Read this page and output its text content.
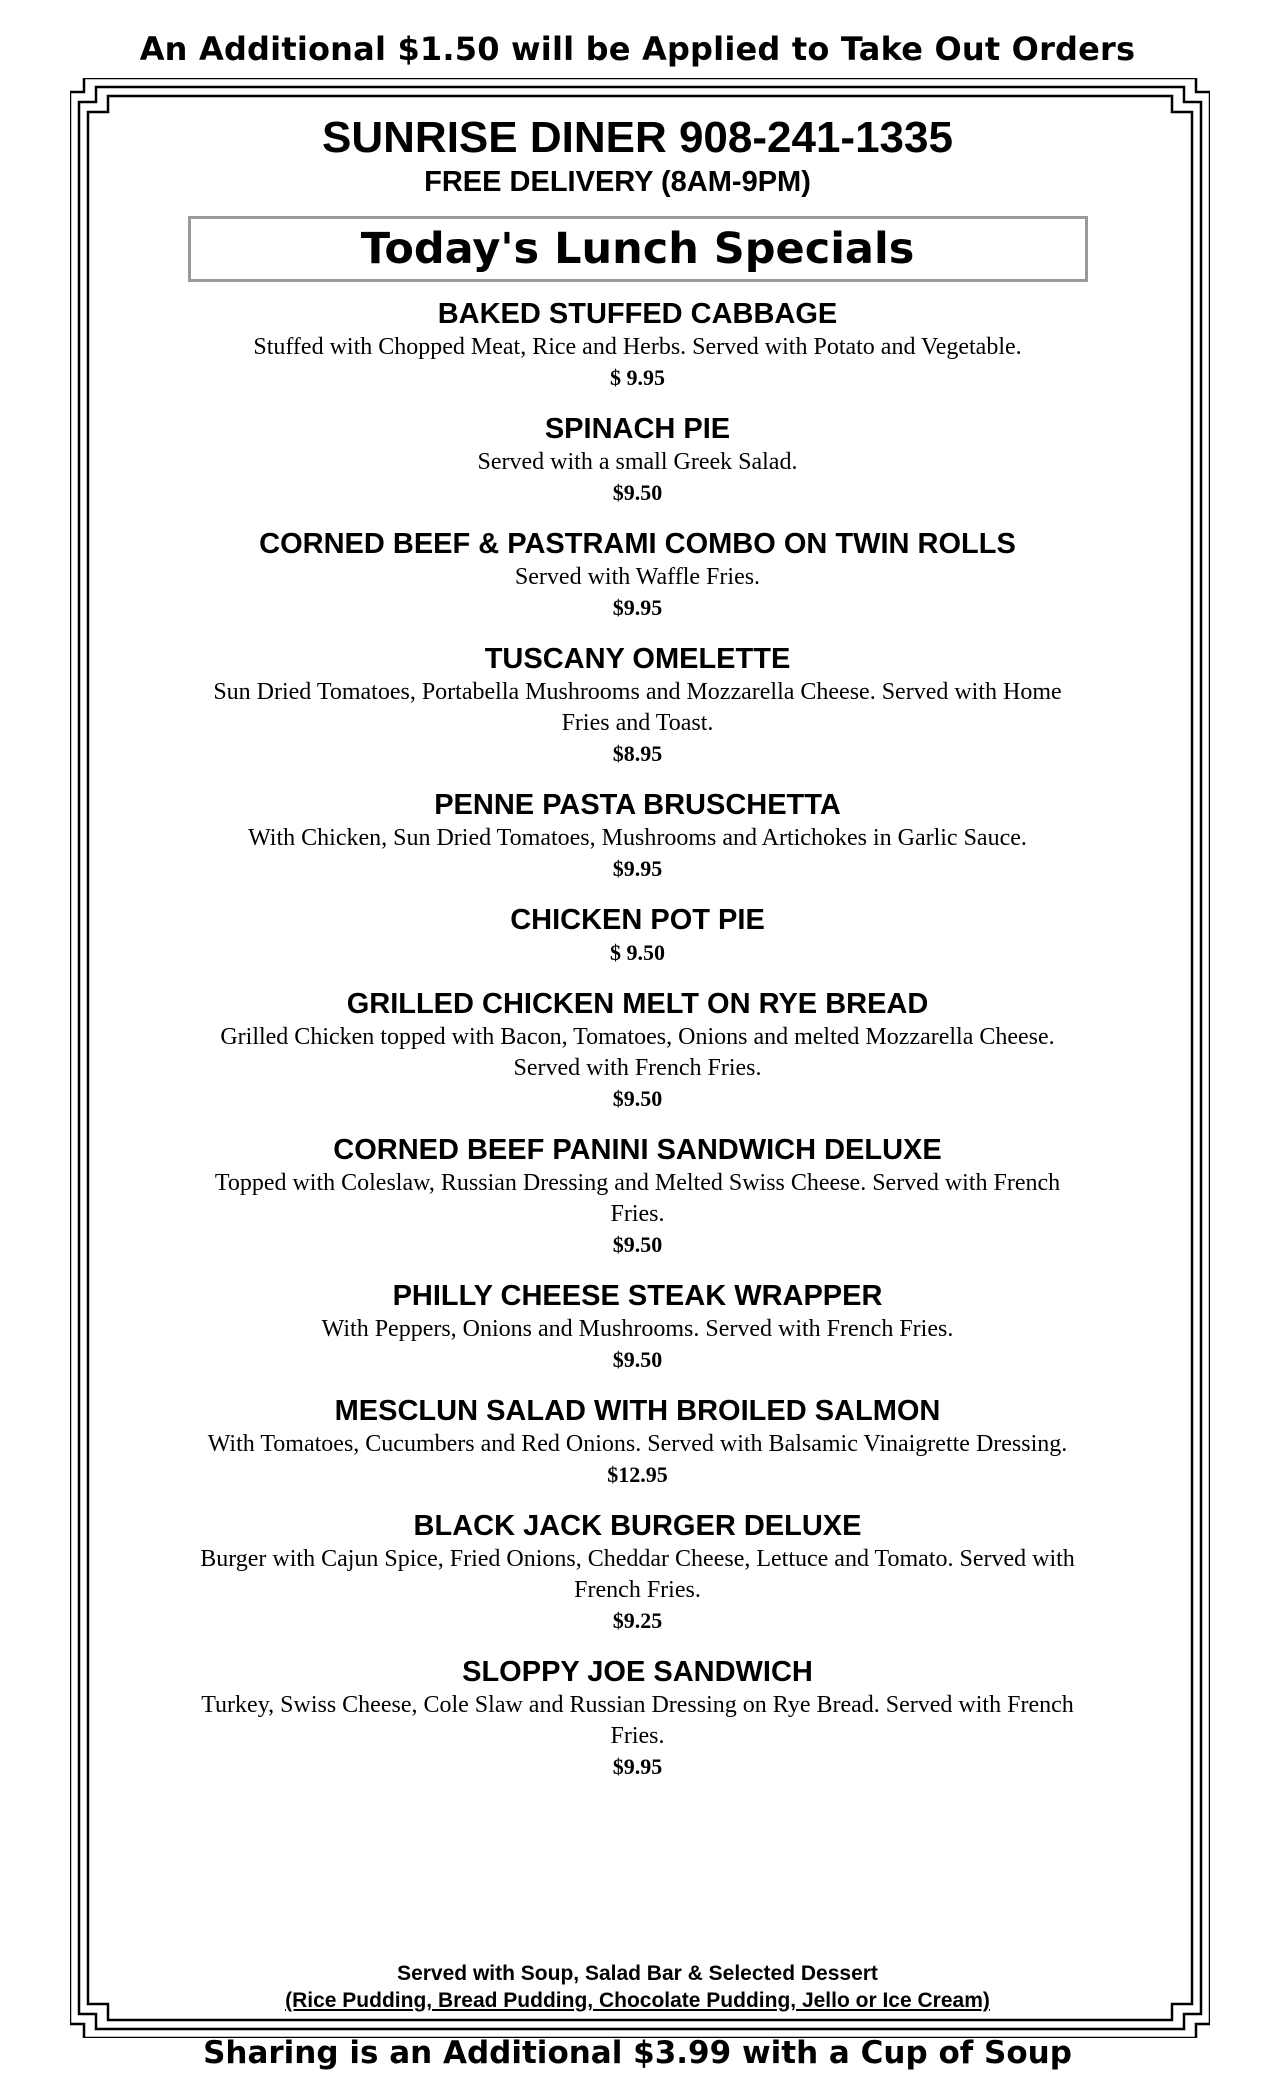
An Additional $1.50 will be Applied to Take Out Orders
SUNRISE DINER 908-241-1335
FREE DELIVERY (8AM-9PM)
Today's Lunch Specials
BAKED STUFFED CABBAGE
Stuffed with Chopped Meat, Rice and Herbs. Served with Potato and Vegetable.
$ 9.95
SPINACH PIE
Served with a small Greek Salad.
$9.50
CORNED BEEF & PASTRAMI COMBO ON TWIN ROLLS
Served with Waffle Fries.
$9.95
TUSCANY OMELETTE
Sun Dried Tomatoes, Portabella Mushrooms and Mozzarella Cheese. Served with Home Fries and Toast.
$8.95
PENNE PASTA BRUSCHETTA
With Chicken, Sun Dried Tomatoes, Mushrooms and Artichokes in Garlic Sauce.
$9.95
CHICKEN POT PIE
$ 9.50
GRILLED CHICKEN MELT ON RYE BREAD
Grilled Chicken topped with Bacon, Tomatoes, Onions and melted Mozzarella Cheese. Served with French Fries.
$9.50
CORNED BEEF PANINI SANDWICH DELUXE
Topped with Coleslaw, Russian Dressing and Melted Swiss Cheese. Served with French Fries.
$9.50
PHILLY CHEESE STEAK WRAPPER
With Peppers, Onions and Mushrooms. Served with French Fries.
$9.50
MESCLUN SALAD WITH BROILED SALMON
With Tomatoes, Cucumbers and Red Onions. Served with Balsamic Vinaigrette Dressing.
$12.95
BLACK JACK BURGER DELUXE
Burger with Cajun Spice, Fried Onions, Cheddar Cheese, Lettuce and Tomato. Served with French Fries.
$9.25
SLOPPY JOE SANDWICH
Turkey, Swiss Cheese, Cole Slaw and Russian Dressing on Rye Bread. Served with French Fries.
$9.95
Served with Soup, Salad Bar & Selected Dessert
(Rice Pudding, Bread Pudding, Chocolate Pudding, Jello or Ice Cream)
Sharing is an Additional $3.99 with a Cup of Soup
